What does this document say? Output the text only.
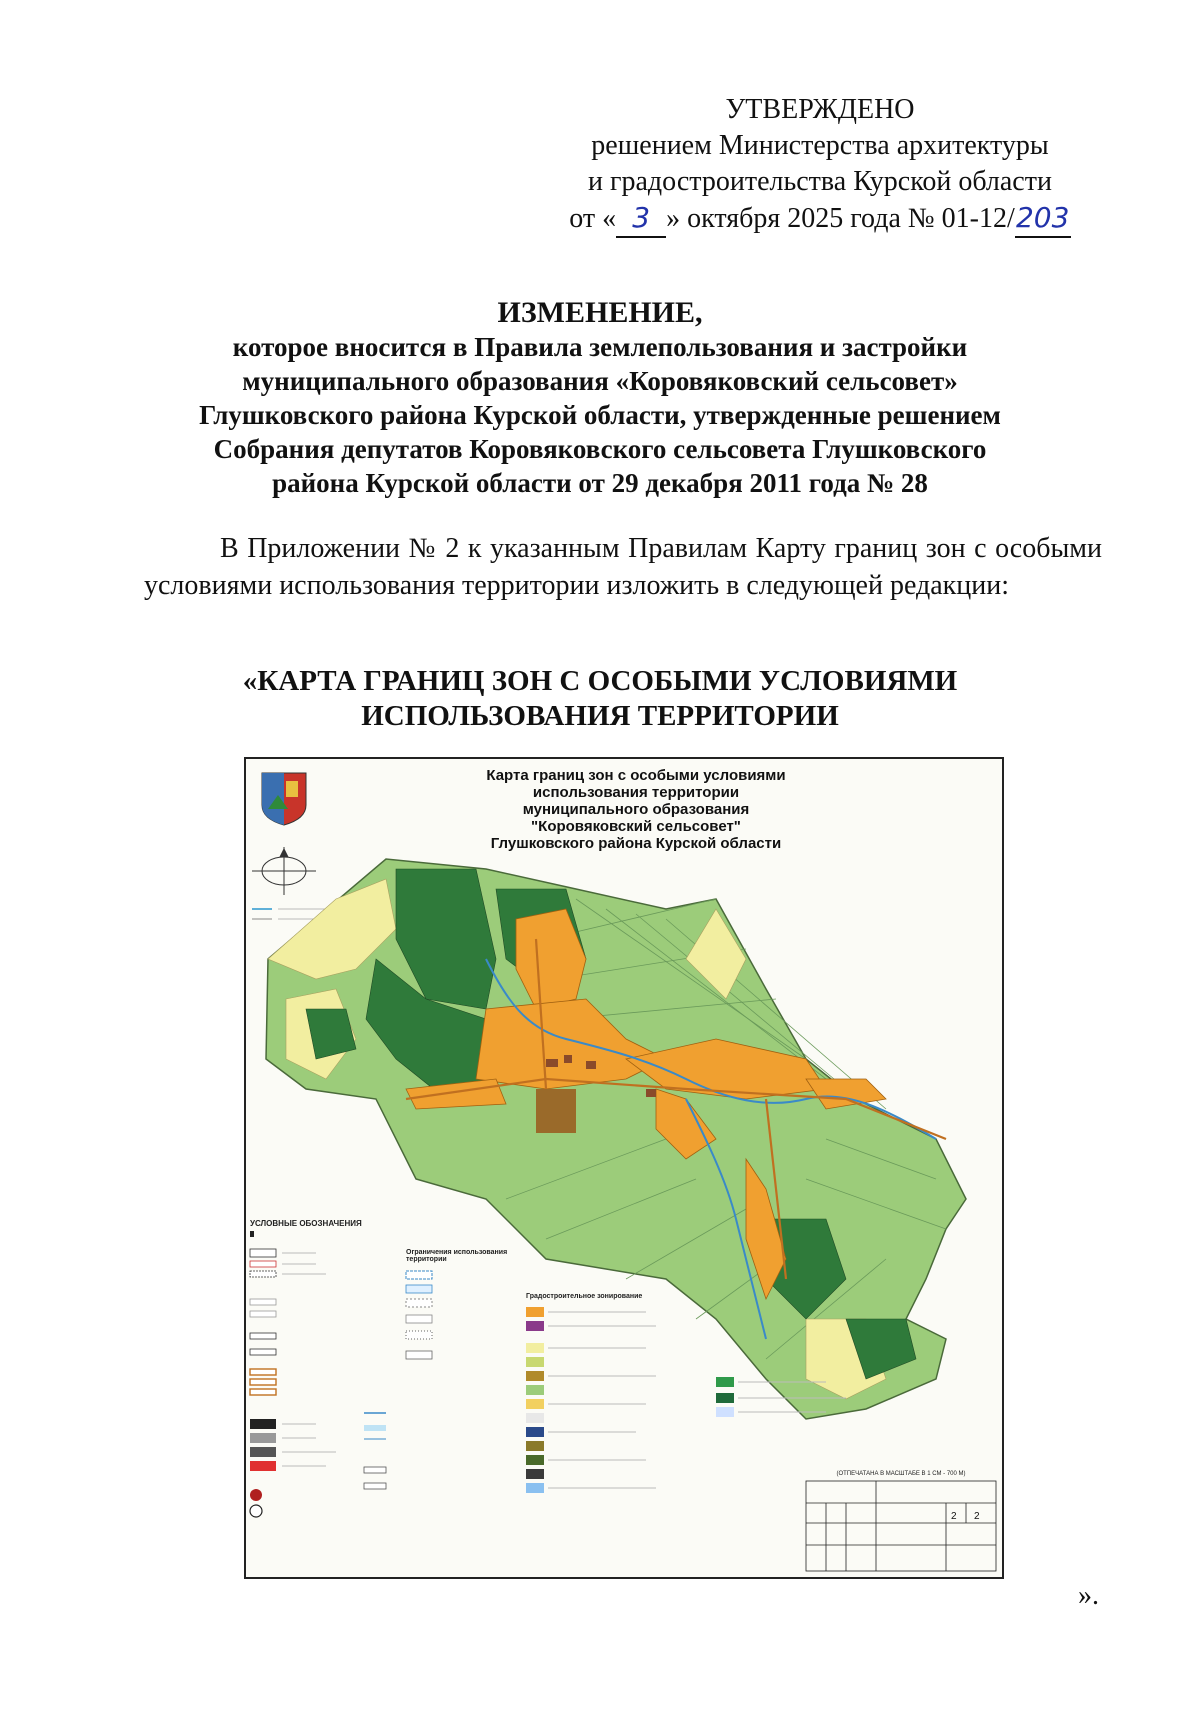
УТВЕРЖДЕНО
решением Министерства архитектуры
и градостроительства Курской области
от « 3 » октября 2025 года № 01-12/203
ИЗМЕНЕНИЕ,
которое вносится в Правила землепользования и застройки
муниципального образования «Коровяковский сельсовет»
Глушковского района Курской области, утвержденные решением
Собрания депутатов Коровяковского сельсовета Глушковского
района Курской области от 29 декабря 2011 года № 28
В Приложении № 2 к указанным Правилам Карту границ зон с особыми условиями использования территории изложить в следующей редакции:
«КАРТА ГРАНИЦ ЗОН С ОСОБЫМИ УСЛОВИЯМИ
ИСПОЛЬЗОВАНИЯ ТЕРРИТОРИИ
2 2
Карта границ зон с особыми условиями
использования территории
муниципального образования
"Коровяковский сельсовет"
Глушковского района Курской области
УСЛОВНЫЕ ОБОЗНАЧЕНИЯ
Ограничения использования территории
Градостроительное зонирование
(ОТПЕЧАТАНА В МАСШТАБЕ В 1 СМ - 700 М)
».
